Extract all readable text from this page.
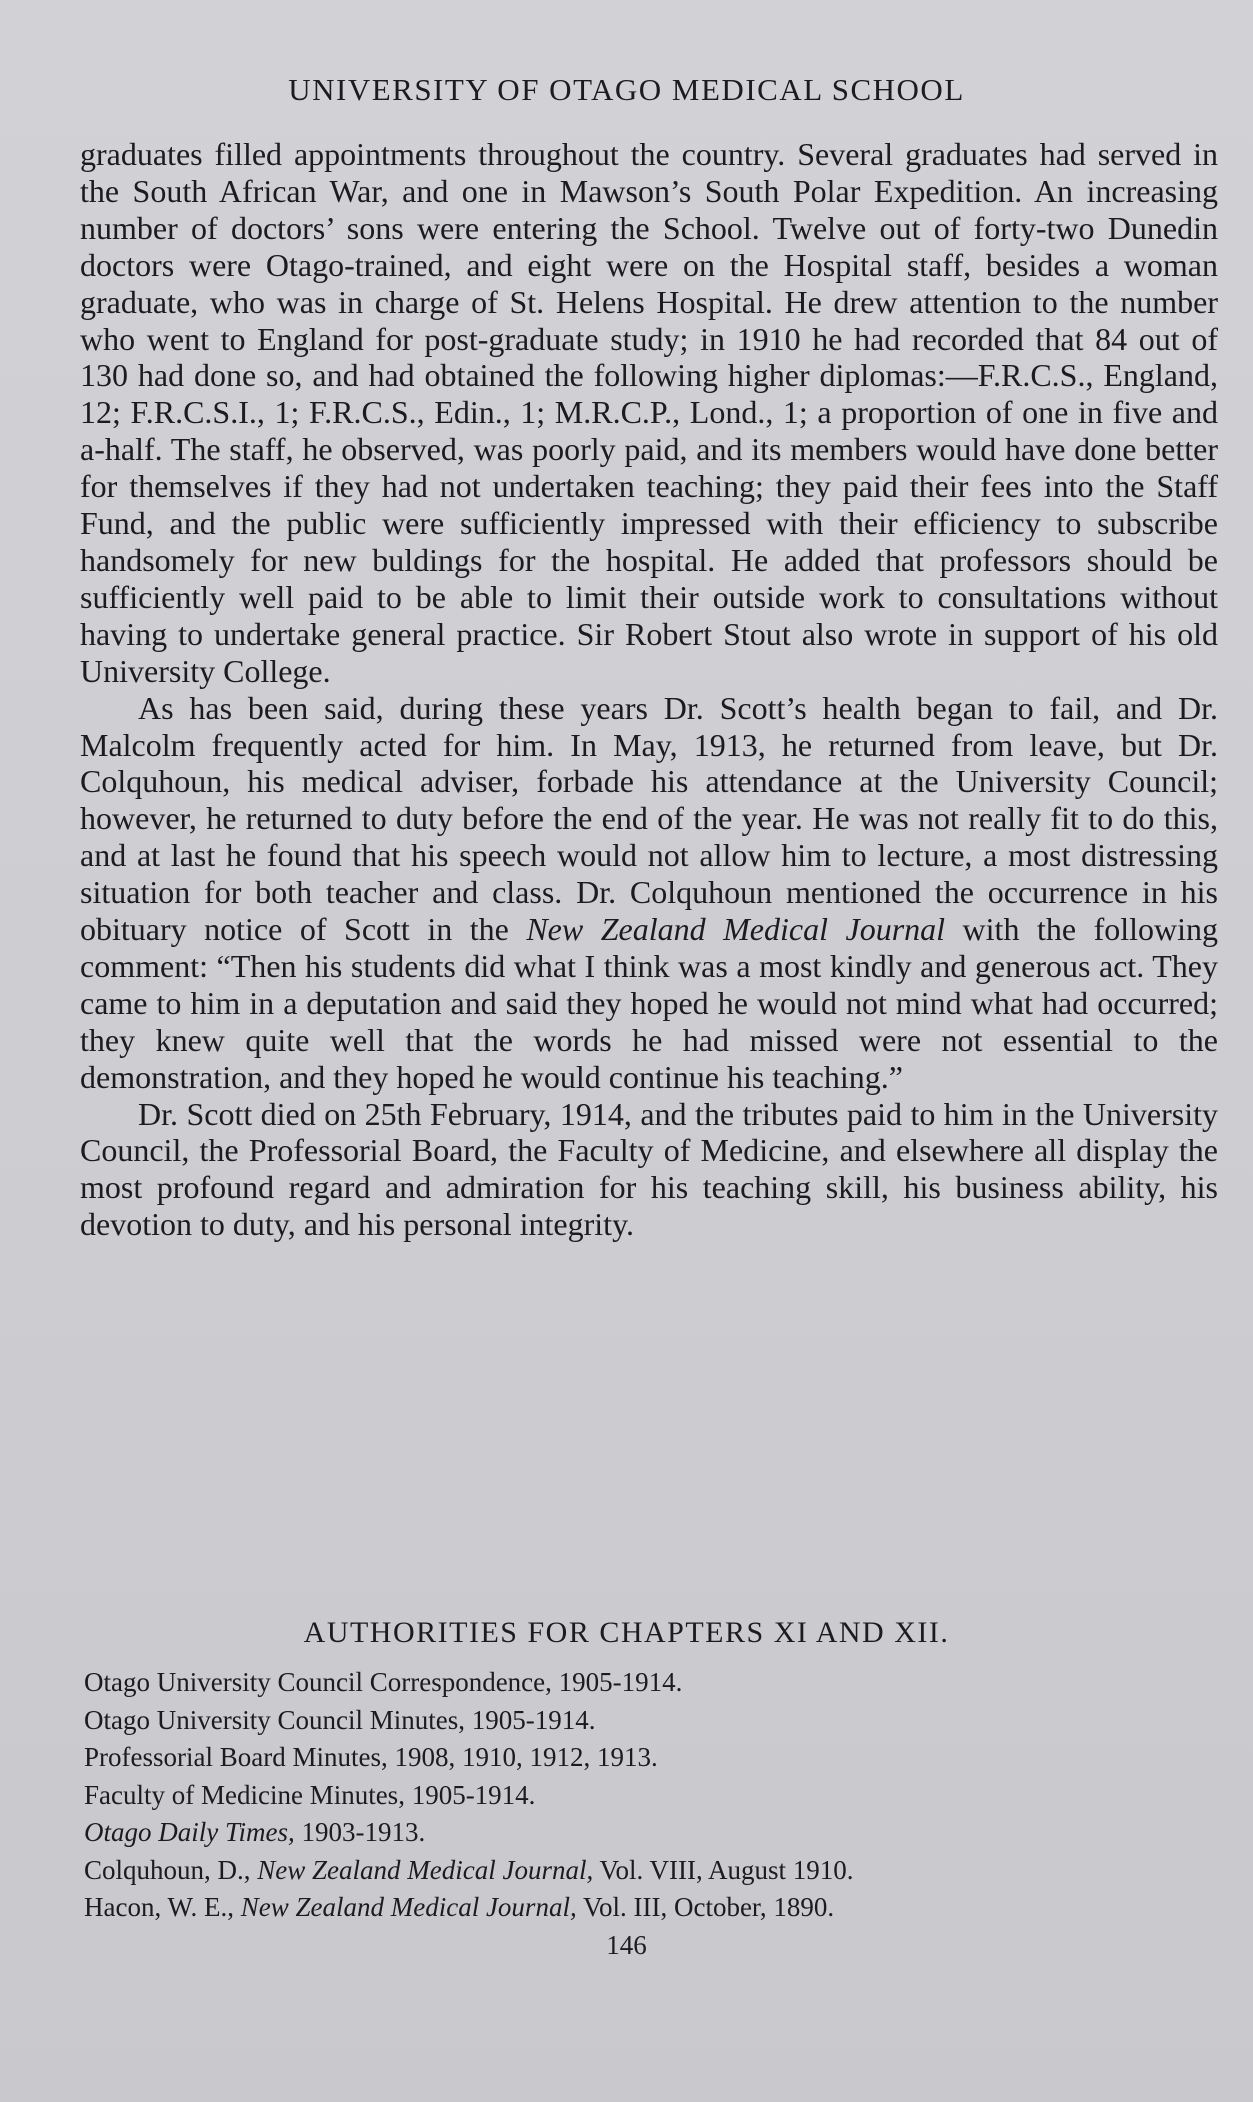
UNIVERSITY OF OTAGO MEDICAL SCHOOL

graduates filled appointments throughout the country. Several graduates had served in the South African War, and one in Mawson’s South Polar Expedition. An increasing number of doctors’ sons were entering the School. Twelve out of forty-two Dunedin doctors were Otago-trained, and eight were on the Hospital staff, besides a woman graduate, who was in charge of St. Helens Hospital. He drew attention to the number who went to England for post-graduate study; in 1910 he had recorded that 84 out of 130 had done so, and had obtained the following higher diplomas:—F.R.C.S., England, 12; F.R.C.S.I., 1; F.R.C.S., Edin., 1; M.R.C.P., Lond., 1; a proportion of one in five and a-half. The staff, he observed, was poorly paid, and its members would have done better for themselves if they had not undertaken teaching; they paid their fees into the Staff Fund, and the public were sufficiently impressed with their efficiency to subscribe handsomely for new buldings for the hospital. He added that professors should be sufficiently well paid to be able to limit their outside work to consultations without having to undertake general practice. Sir Robert Stout also wrote in support of his old University College.

As has been said, during these years Dr. Scott’s health began to fail, and Dr. Malcolm frequently acted for him. In May, 1913, he returned from leave, but Dr. Colquhoun, his medical adviser, forbade his attendance at the University Council; however, he returned to duty before the end of the year. He was not really fit to do this, and at last he found that his speech would not allow him to lecture, a most distressing situation for both teacher and class. Dr. Colquhoun mentioned the occurrence in his obituary notice of Scott in the New Zealand Medical Journal with the following comment: “Then his students did what I think was a most kindly and generous act. They came to him in a deputation and said they hoped he would not mind what had occurred; they knew quite well that the words he had missed were not essential to the demonstration, and they hoped he would continue his teaching.”

Dr. Scott died on 25th February, 1914, and the tributes paid to him in the University Council, the Professorial Board, the Faculty of Medicine, and elsewhere all display the most profound regard and admiration for his teaching skill, his business ability, his devotion to duty, and his personal integrity.

AUTHORITIES FOR CHAPTERS XI AND XII.
Otago University Council Correspondence, 1905-1914.
Otago University Council Minutes, 1905-1914.
Professorial Board Minutes, 1908, 1910, 1912, 1913.
Faculty of Medicine Minutes, 1905-1914.
Otago Daily Times, 1903-1913.
Colquhoun, D., New Zealand Medical Journal, Vol. VIII, August 1910.
Hacon, W. E., New Zealand Medical Journal, Vol. III, October, 1890.
146
